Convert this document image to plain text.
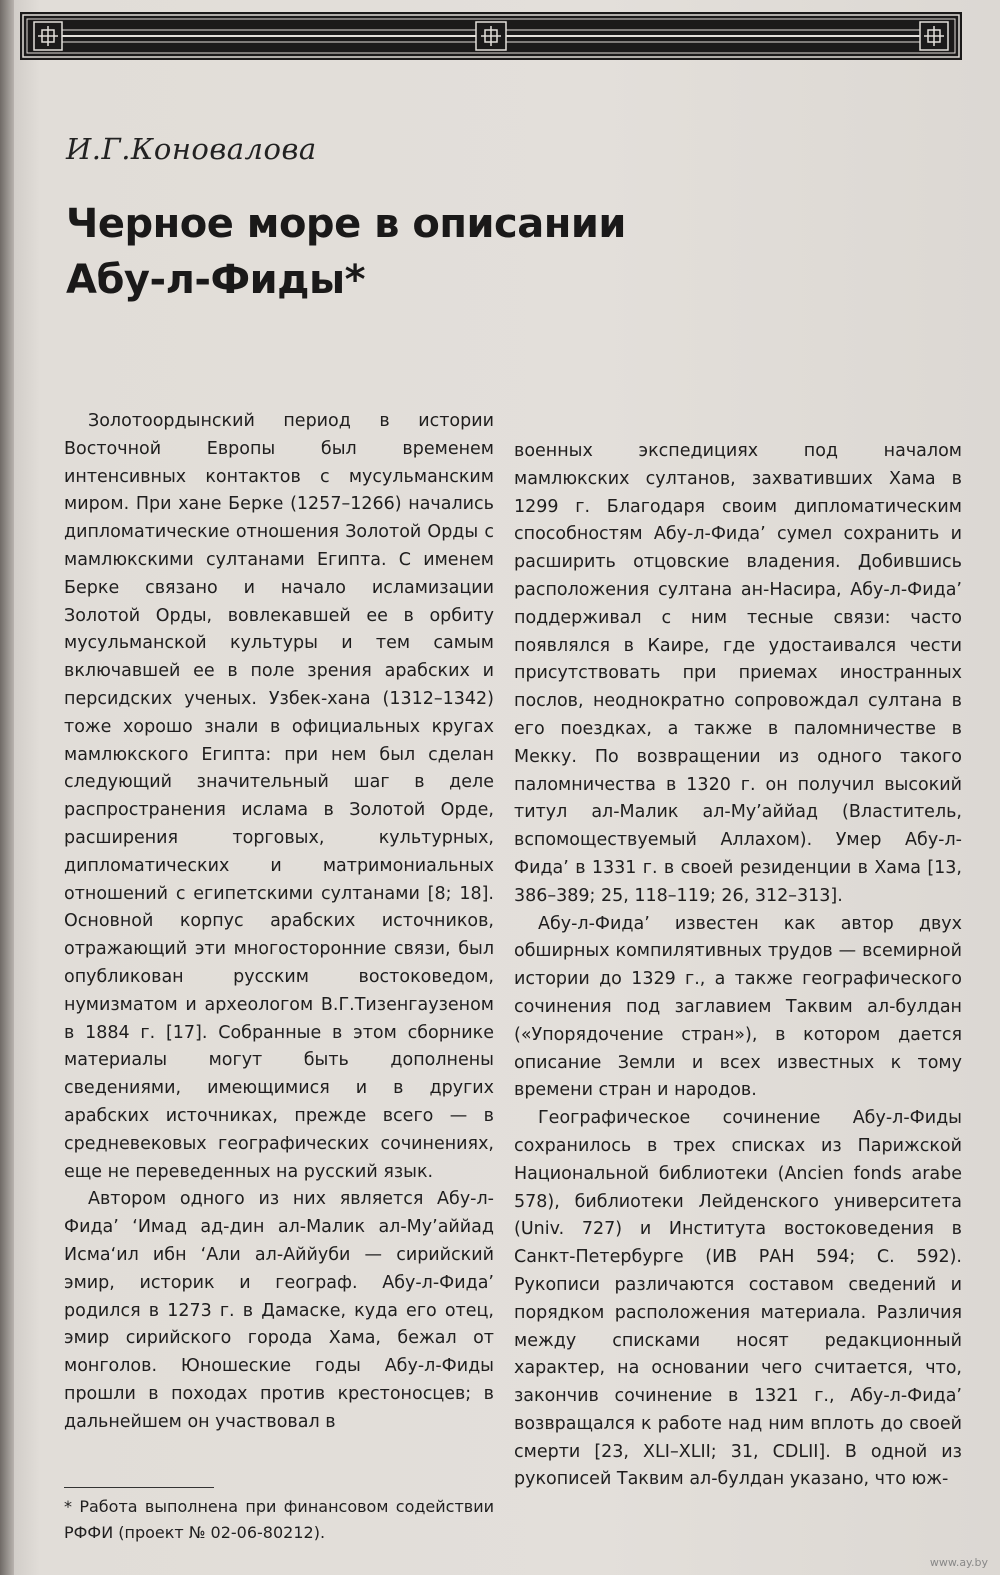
И.Г.Коновалова
Черное море в описании
Абу-л-Фиды*

Золотоордынский период в истории Восточной Европы был временем интенсивных контактов с мусульманским миром. При хане Берке (1257–1266) начались дипломатические отношения Золотой Орды с мамлюкскими султанами Египта. С именем Берке связано и начало исламизации Золотой Орды, вовлекавшей ее в орбиту мусульманской культуры и тем самым включавшей ее в поле зрения арабских и персидских ученых. Узбек-хана (1312–1342) тоже хорошо знали в официальных кругах мамлюкского Египта: при нем был сделан следующий значительный шаг в деле распространения ислама в Золотой Орде, расширения торговых, культурных, дипломатических и матримониальных отношений с египетскими султанами [8; 18]. Основной корпус арабских источников, отражающий эти многосторонние связи, был опубликован русским востоковедом, нумизматом и археологом В.Г.Тизенгаузеном в 1884 г. [17]. Собранные в этом сборнике материалы могут быть дополнены сведениями, имеющимися и в других арабских источниках, прежде всего — в средневековых географических сочинениях, еще не переведенных на русский язык.

Автором одного из них является Абу-л-Фида’ ‘Имад ад-дин ал-Малик ал-Му’аййад Исма‘ил ибн ‘Али ал-Аййуби — сирийский эмир, историк и географ. Абу-л-Фида’ родился в 1273 г. в Дамаске, куда его отец, эмир сирийского города Хама, бежал от монголов. Юношеские годы Абу-л-Фиды прошли в походах против крестоносцев; в дальнейшем он участвовал в

военных экспедициях под началом мамлюкских султанов, захвативших Хама в 1299 г. Благодаря своим дипломатическим способностям Абу-л-Фида’ сумел сохранить и расширить отцовские владения. Добившись расположения султана ан-Насира, Абу-л-Фида’ поддерживал с ним тесные связи: часто появлялся в Каире, где удостаивался чести присутствовать при приемах иностранных послов, неоднократно сопровождал султана в его поездках, а также в паломничестве в Мекку. По возвращении из одного такого паломничества в 1320 г. он получил высокий титул ал-Малик ал-Му’аййад (Властитель, вспомоществуемый Аллахом). Умер Абу-л-Фида’ в 1331 г. в своей резиденции в Хама [13, 386–389; 25, 118–119; 26, 312–313].

Абу-л-Фида’ известен как автор двух обширных компилятивных трудов — всемирной истории до 1329 г., а также географического сочинения под заглавием Таквим ал-булдан («Упорядочение стран»), в котором дается описание Земли и всех известных к тому времени стран и народов.

Географическое сочинение Абу-л-Фиды сохранилось в трех списках из Парижской Национальной библиотеки (Ancien fonds arabe 578), библиотеки Лейденского университета (Univ. 727) и Института востоковедения в Санкт-Петербурге (ИВ РАН 594; С. 592). Рукописи различаются составом сведений и порядком расположения материала. Различия между списками носят редакционный характер, на основании чего считается, что, закончив сочинение в 1321 г., Абу-л-Фида’ возвращался к работе над ним вплоть до своей смерти [23, XLI–XLII; 31, CDLII]. В одной из рукописей Таквим ал-булдан указано, что юж-

* Работа выполнена при финансовом содействии РФФИ (проект № 02-06-80212).
www.ay.by
